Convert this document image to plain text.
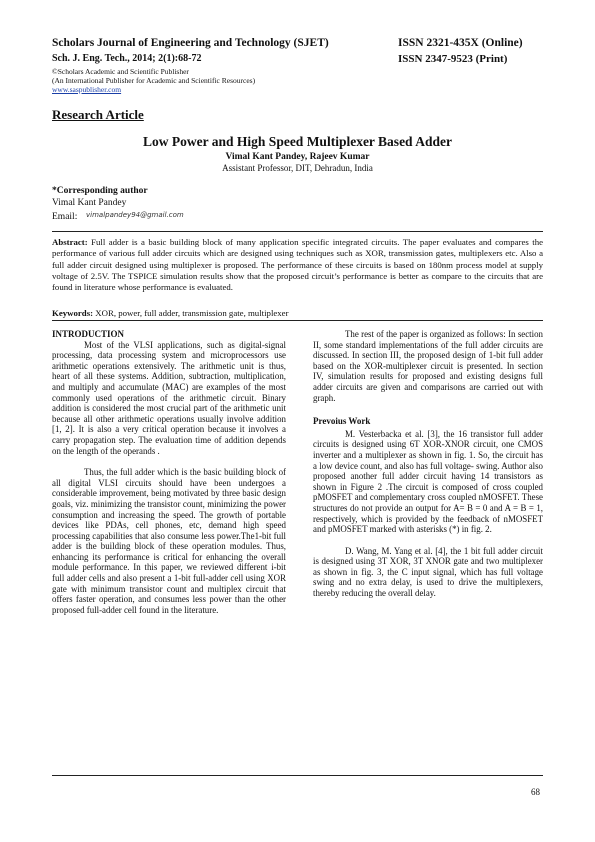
Scholars Journal of Engineering and Technology (SJET)	ISSN 2321-435X (Online)
Sch. J. Eng. Tech., 2014; 2(1):68-72	ISSN 2347-9523 (Print)
©Scholars Academic and Scientific Publisher
(An International Publisher for Academic and Scientific Resources)
www.saspublisher.com
Research Article
Low Power and High Speed Multiplexer Based Adder
Vimal Kant Pandey, Rajeev Kumar
Assistant Professor, DIT, Dehradun, India
*Corresponding author
Vimal Kant Pandey
Email: vimalpandey94@gmail.com
Abstract: Full adder is a basic building block of many application specific integrated circuits. The paper evaluates and compares the performance of various full adder circuits which are designed using techniques such as XOR, transmission gates, multiplexers etc. Also a full adder circuit designed using multiplexer is proposed. The performance of these circuits is based on 180nm process model at supply voltage of 2.5V. The TSPICE simulation results show that the proposed circuit’s performance is better as compare to the circuits that are found in literature whose performance is evaluated.
Keywords: XOR, power, full adder, transmission gate, multiplexer
INTRODUCTION

Most of the VLSI applications, such as digital-signal processing, data processing system and microprocessors use arithmetic operations extensively. The arithmetic unit is thus, heart of all these systems. Addition, subtraction, multiplication, and multiply and accumulate (MAC) are examples of the most commonly used operations of the arithmetic circuit. Binary addition is considered the most crucial part of the arithmetic unit because all other arithmetic operations usually involve addition [1, 2]. It is also a very critical operation because it involves a carry propagation step. The evaluation time of addition depends on the length of the operands .

Thus, the full adder which is the basic building block of all digital VLSI circuits should have been undergoes a considerable improvement, being motivated by three basic design goals, viz. minimizing the transistor count, minimizing the power consumption and increasing the speed. The growth of portable devices like PDAs, cell phones, etc, demand high speed processing capabilities that also consume less power.The1-bit full adder is the building block of these operation modules. Thus, enhancing its performance is critical for enhancing the overall module performance. In this paper, we reviewed different i-bit full adder cells and also present a 1-bit full-adder cell using XOR gate with minimum transistor count and multiplex circuit that offers faster operation, and consumes less power than the other proposed full-adder cell found in the literature.

The rest of the paper is organized as follows: In section II, some standard implementations of the full adder circuits are discussed. In section III, the proposed design of 1-bit full adder based on the XOR-multiplexer circuit is presented. In section IV, simulation results for proposed and existing designs full adder circuits are given and comparisons are carried out with graph.

Prevoius Work

M. Vesterbacka et al. [3], the 16 transistor full adder circuits is designed using 6T XOR-XNOR circuit, one CMOS inverter and a multiplexer as shown in fig. 1. So, the circuit has a low device count, and also has full voltage- swing. Author also proposed another full adder circuit having 14 transistors as shown in Figure 2 .The circuit is composed of cross coupled pMOSFET and complementary cross coupled nMOSFET. These structures do not provide an output for A= B = 0 and A = B = 1, respectively, which is provided by the feedback of nMOSFET and pMOSFET marked with asterisks (*) in fig. 2.

D. Wang, M. Yang et al. [4], the 1 bit full adder circuit is designed using 3T XOR, 3T XNOR gate and two multiplexer as shown in fig. 3, the C input signal, which has full voltage swing and no extra delay, is used to drive the multiplexers, thereby reducing the overall delay.

68
